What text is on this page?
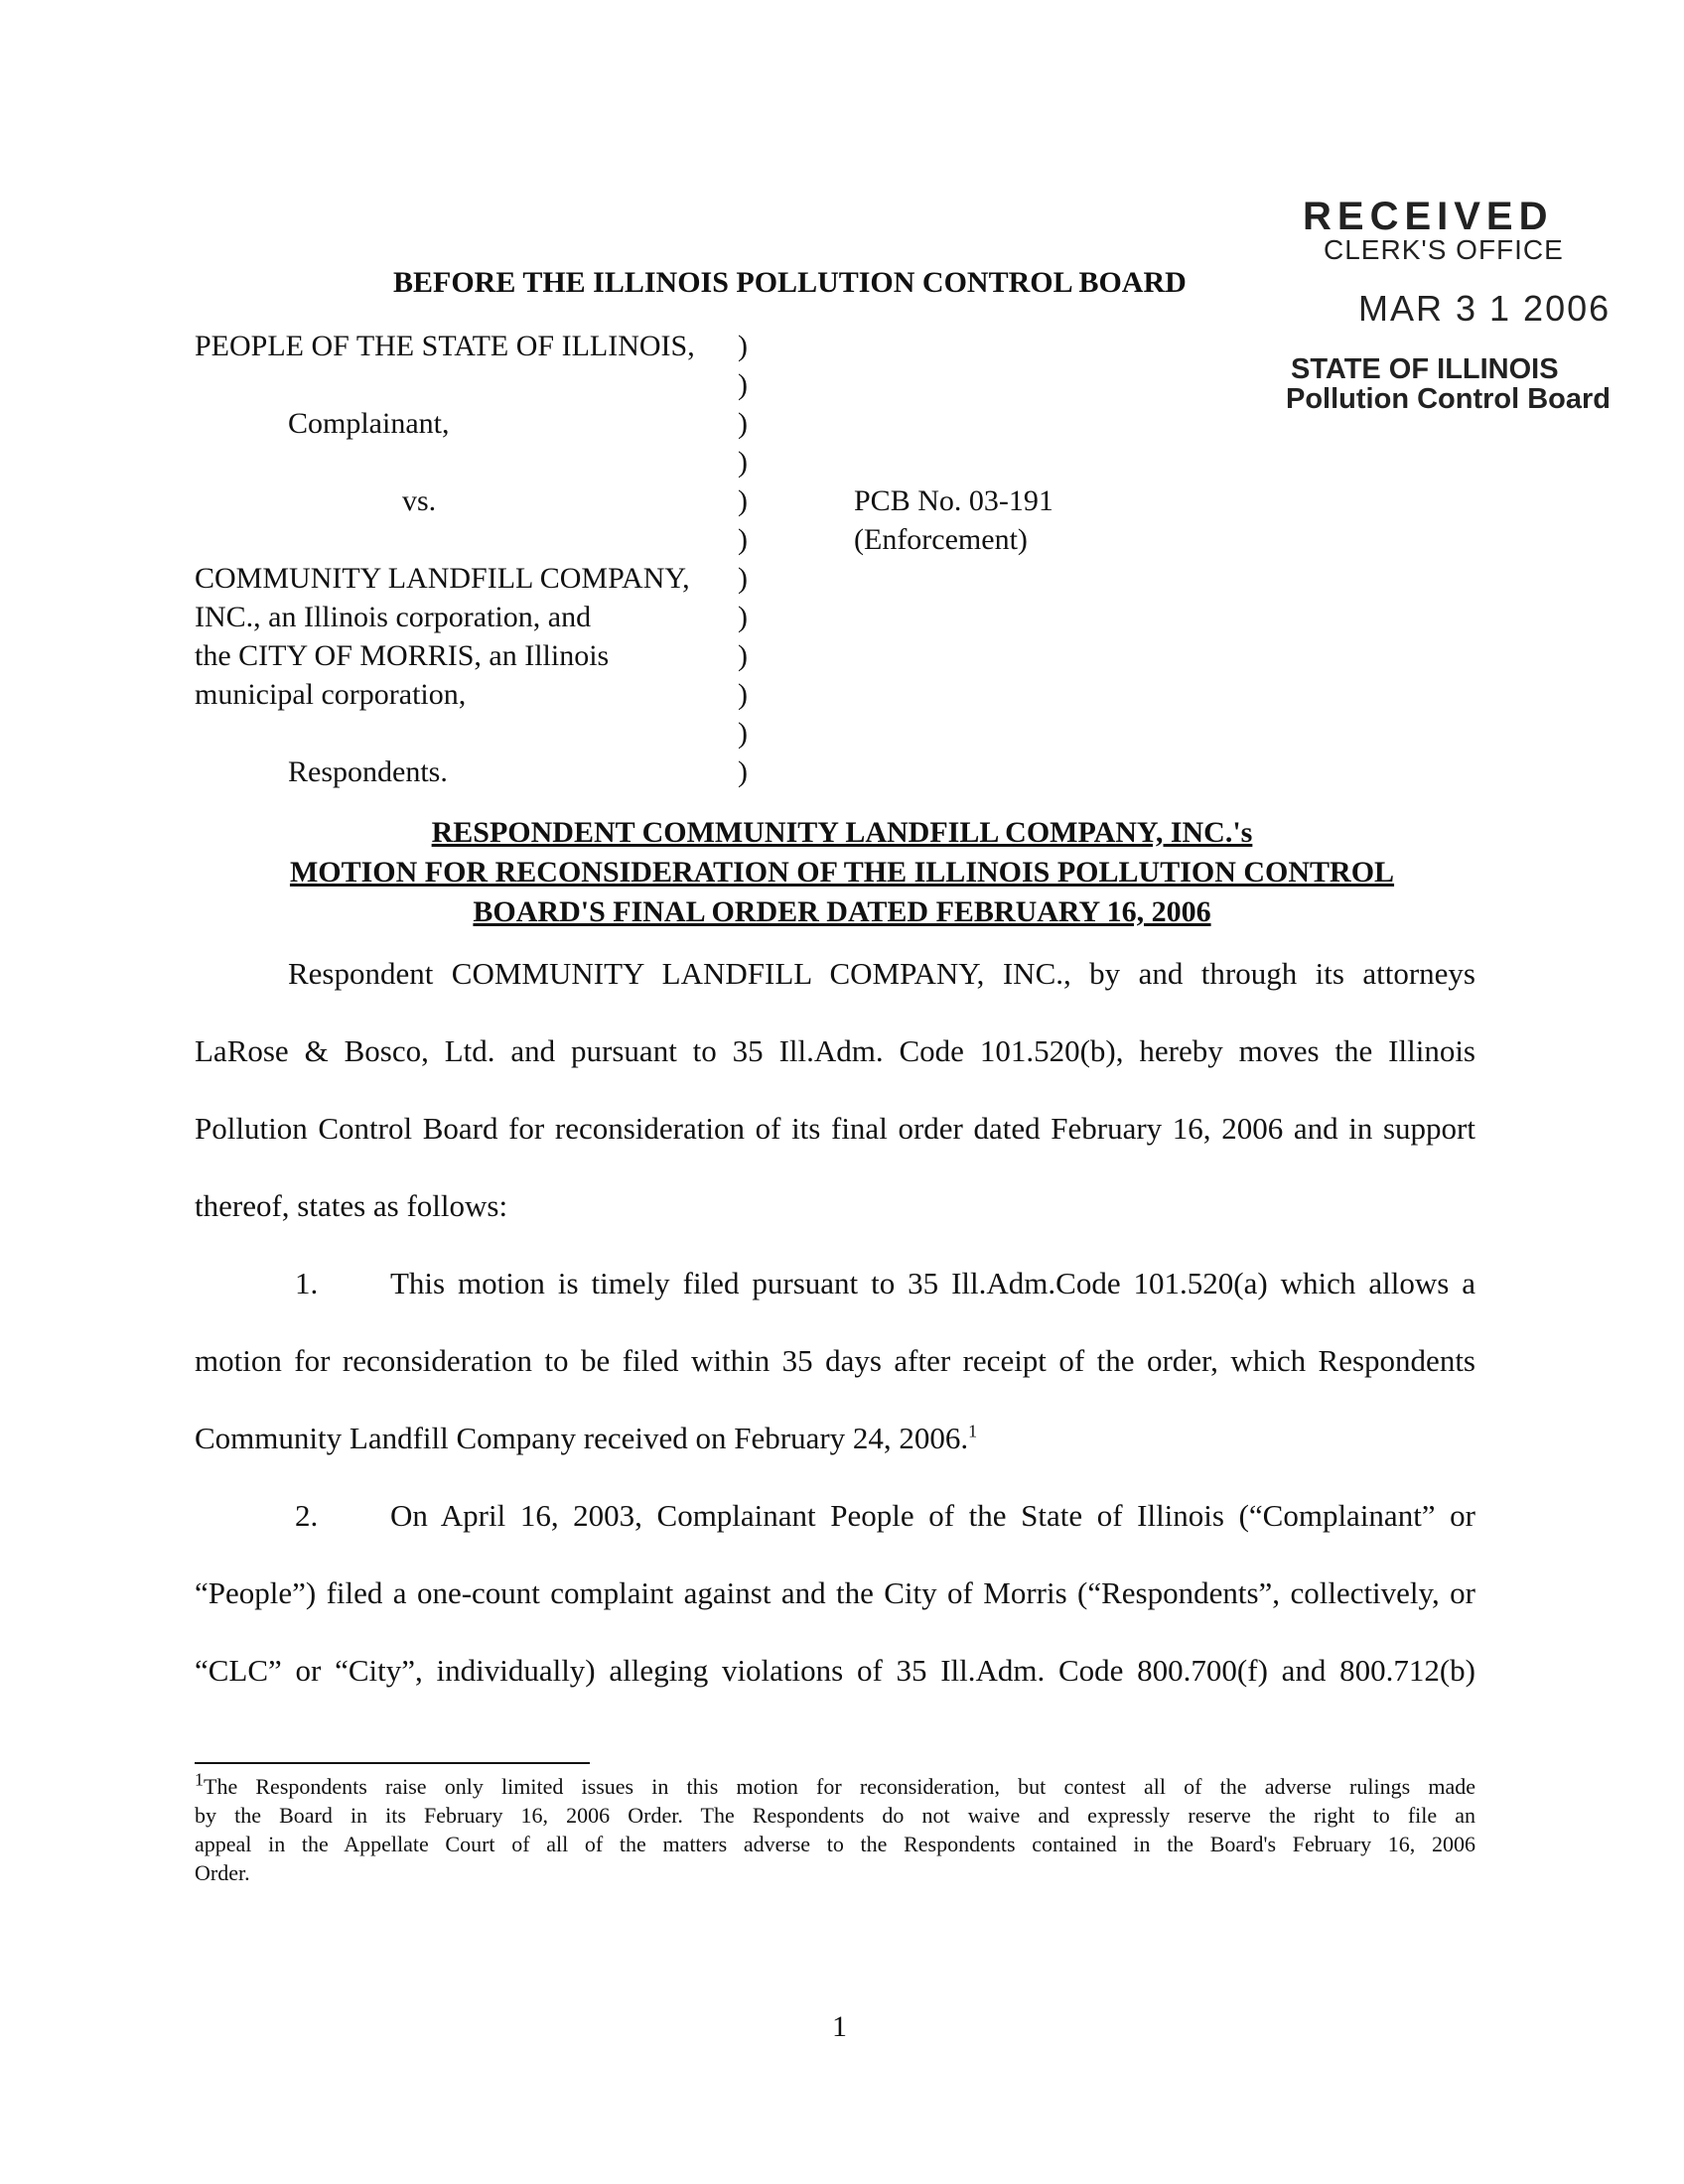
RECEIVED
CLERK'S OFFICE
MAR 3 1 2006
STATE OF ILLINOIS
Pollution Control Board
BEFORE THE ILLINOIS POLLUTION CONTROL BOARD
PEOPLE OF THE STATE OF ILLINOIS,
Complainant,
vs.
COMMUNITY LANDFILL COMPANY,
INC., an Illinois corporation, and
the CITY OF MORRIS, an Illinois
municipal corporation,
Respondents.
)
)
)
)
)
)
)
)
)
)
)
)
PCB No. 03-191
(Enforcement)
RESPONDENT COMMUNITY LANDFILL COMPANY, INC.'s
MOTION FOR RECONSIDERATION OF THE ILLINOIS POLLUTION CONTROL
BOARD'S FINAL ORDER DATED FEBRUARY 16, 2006
Respondent COMMUNITY LANDFILL COMPANY, INC., by and through its attorneys
LaRose & Bosco, Ltd. and pursuant to 35 Ill.Adm. Code 101.520(b), hereby moves the Illinois
Pollution Control Board for reconsideration of its final order dated February 16, 2006 and in support
thereof, states as follows:
1. This motion is timely filed pursuant to 35 Ill.Adm.Code 101.520(a) which allows a
motion for reconsideration to be filed within 35 days after receipt of the order, which Respondents
Community Landfill Company received on February 24, 2006.$^1$
2. On April 16, 2003, Complainant People of the State of Illinois (“Complainant” or
“People”) filed a one-count complaint against and the City of Morris (“Respondents”, collectively, or
“CLC” or “City”, individually) alleging violations of 35 Ill.Adm. Code 800.700(f) and 800.712(b)
$^1$The Respondents raise only limited issues in this motion for reconsideration, but contest all of the adverse rulings made
by the Board in its February 16, 2006 Order. The Respondents do not waive and expressly reserve the right to file an
appeal in the Appellate Court of all of the matters adverse to the Respondents contained in the Board's February 16, 2006
Order.
1
